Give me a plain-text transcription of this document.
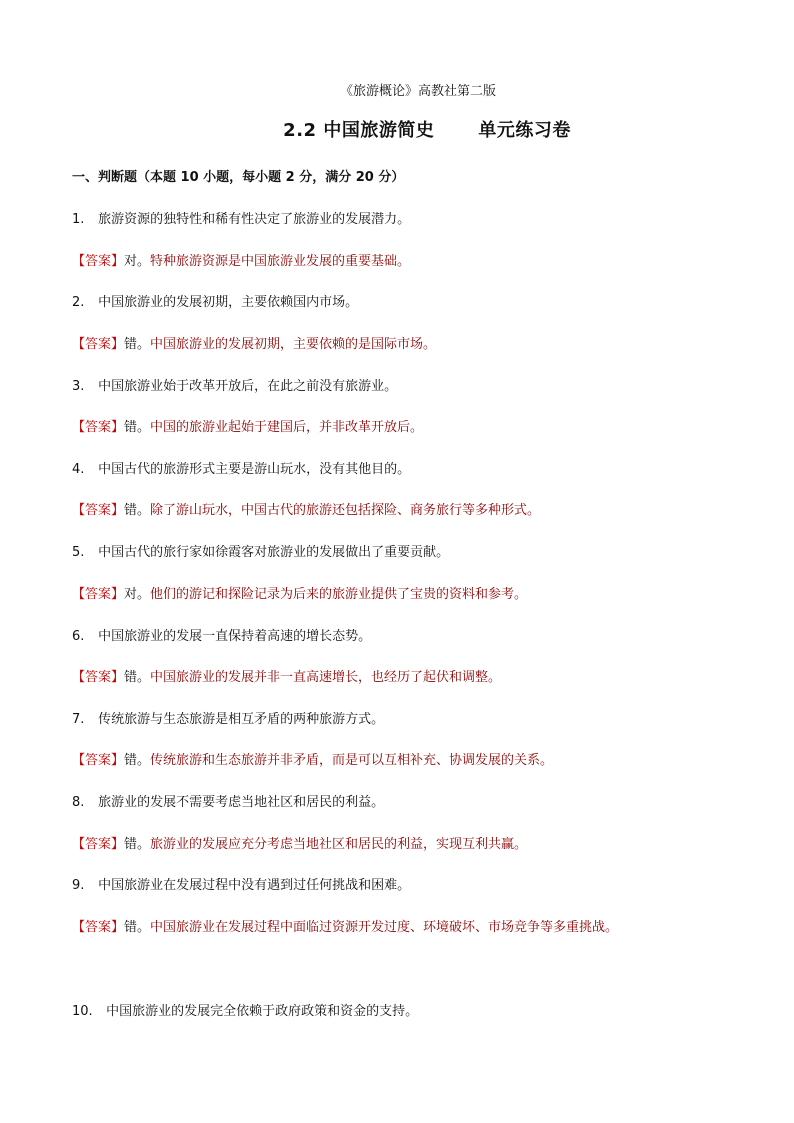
《旅游概论》高教社第二版
2.2 中国旅游简史 单元练习卷
一、判断题（本题 10 小题，每小题 2 分，满分 20 分）
1. 旅游资源的独特性和稀有性决定了旅游业的发展潜力。
【答案】对。特种旅游资源是中国旅游业发展的重要基础。
2. 中国旅游业的发展初期，主要依赖国内市场。
【答案】错。中国旅游业的发展初期，主要依赖的是国际市场。
3. 中国旅游业始于改革开放后，在此之前没有旅游业。
【答案】错。中国的旅游业起始于建国后，并非改革开放后。
4. 中国古代的旅游形式主要是游山玩水，没有其他目的。
【答案】错。除了游山玩水，中国古代的旅游还包括探险、商务旅行等多种形式。
5. 中国古代的旅行家如徐霞客对旅游业的发展做出了重要贡献。
【答案】对。他们的游记和探险记录为后来的旅游业提供了宝贵的资料和参考。
6. 中国旅游业的发展一直保持着高速的增长态势。
【答案】错。中国旅游业的发展并非一直高速增长，也经历了起伏和调整。
7. 传统旅游与生态旅游是相互矛盾的两种旅游方式。
【答案】错。传统旅游和生态旅游并非矛盾，而是可以互相补充、协调发展的关系。
8. 旅游业的发展不需要考虑当地社区和居民的利益。
【答案】错。旅游业的发展应充分考虑当地社区和居民的利益，实现互利共赢。
9. 中国旅游业在发展过程中没有遇到过任何挑战和困难。
【答案】错。中国旅游业在发展过程中面临过资源开发过度、环境破坏、市场竞争等多重挑战。
10. 中国旅游业的发展完全依赖于政府政策和资金的支持。
